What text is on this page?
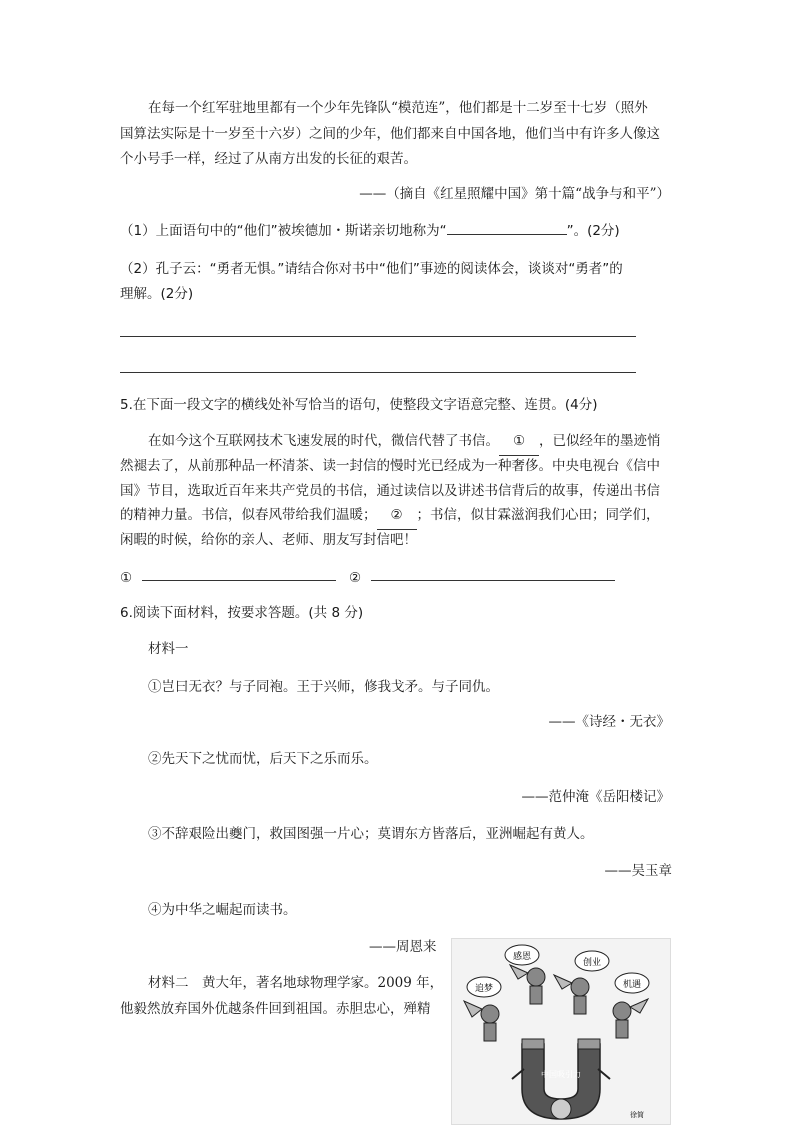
在每一个红军驻地里都有一个少年先锋队“模范连”，他们都是十二岁至十七岁（照外
国算法实际是十一岁至十六岁）之间的少年，他们都来自中国各地，他们当中有许多人像这
个小号手一样，经过了从南方出发的长征的艰苦。
——（摘自《红星照耀中国》第十篇“战争与和平”）
（1）上面语句中的“他们”被埃德加・斯诺亲切地称为“	”。(2分)
（2）孔子云：“勇者无惧。”请结合你对书中“他们”事迹的阅读体会，谈谈对“勇者”的
理解。(2分)
5.在下面一段文字的横线处补写恰当的语句，使整段文字语意完整、连贯。(4分)
在如今这个互联网技术飞速发展的时代，微信代替了书信。 ① ，已似经年的墨迹悄
然褪去了，从前那种品一杯清茶、读一封信的慢时光已经成为一种奢侈。中央电视台《信中
国》节目，选取近百年来共产党员的书信，通过读信以及讲述书信背后的故事，传递出书信
的精神力量。书信，似春风带给我们温暖； ② ；书信，似甘霖滋润我们心田；同学们，
闲暇的时候，给你的亲人、老师、朋友写封信吧！
①	②
6.阅读下面材料，按要求答题。(共 8 分)
材料一
①岂曰无衣？与子同袍。王于兴师，修我戈矛。与子同仇。
——《诗经・无衣》
②先天下之忧而忧，后天下之乐而乐。
——范仲淹《岳阳楼记》
③不辞艰险出夔门，救国图强一片心；莫谓东方皆落后，亚洲崛起有黄人。
——吴玉章
④为中华之崛起而读书。
——周恩来
材料二　黄大年，著名地球物理学家。2009 年，
他毅然放弃国外优越条件回到祖国。赤胆忠心，殚精
感恩
创业
追梦	机遇
中国吸引力
徐简
